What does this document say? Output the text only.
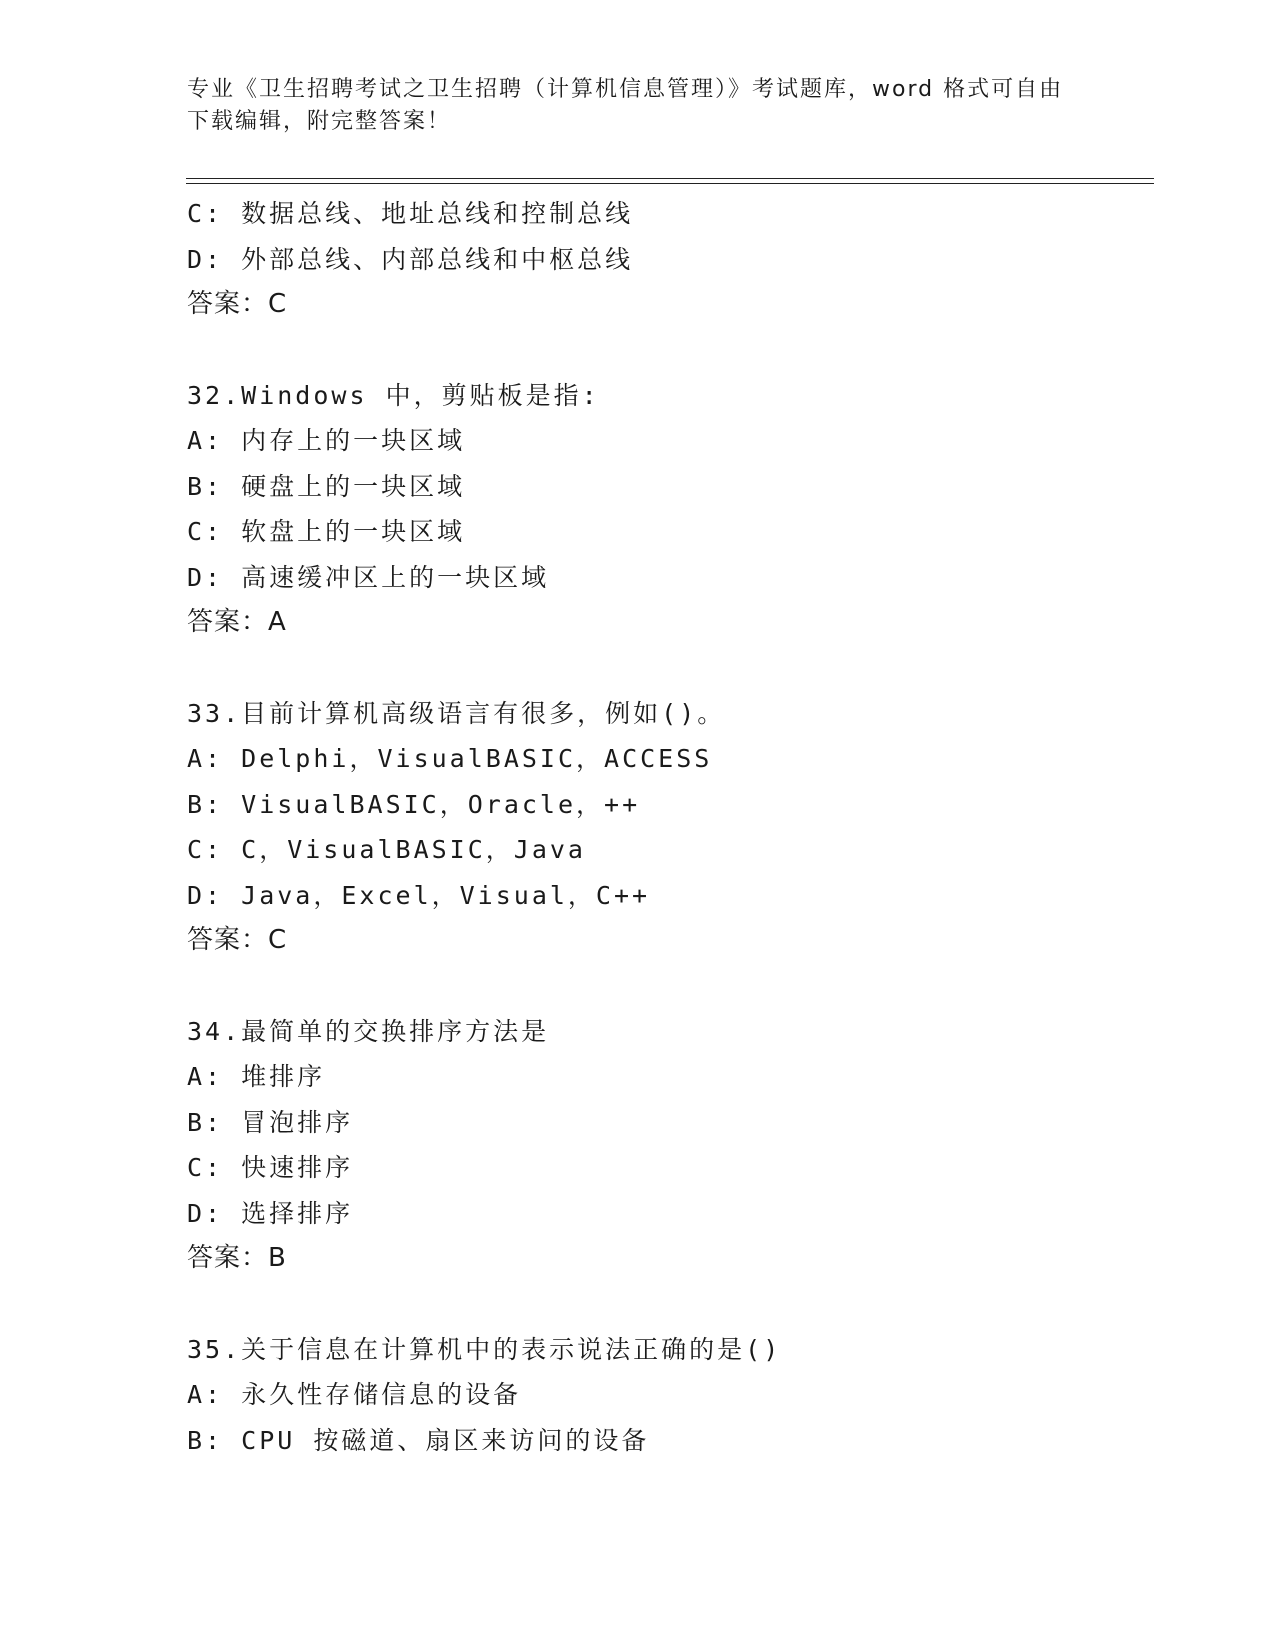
专业《卫生招聘考试之卫生招聘（计算机信息管理）》考试题库，word 格式可自由下载编辑，附完整答案！
C: 数据总线、地址总线和控制总线
D: 外部总线、内部总线和中枢总线
答案：C
32.Windows 中，剪贴板是指:
A: 内存上的一块区域
B: 硬盘上的一块区域
C: 软盘上的一块区域
D: 高速缓冲区上的一块区域
答案：A
33.目前计算机高级语言有很多，例如()。
A: Delphi，VisualBASIC，ACCESS
B: VisualBASIC，Oracle，++
C: C，VisualBASIC，Java
D: Java，Excel，Visual，C++
答案：C
34.最简单的交换排序方法是
A: 堆排序
B: 冒泡排序
C: 快速排序
D: 选择排序
答案：B
35.关于信息在计算机中的表示说法正确的是()
A: 永久性存储信息的设备
B: CPU 按磁道、扇区来访问的设备
